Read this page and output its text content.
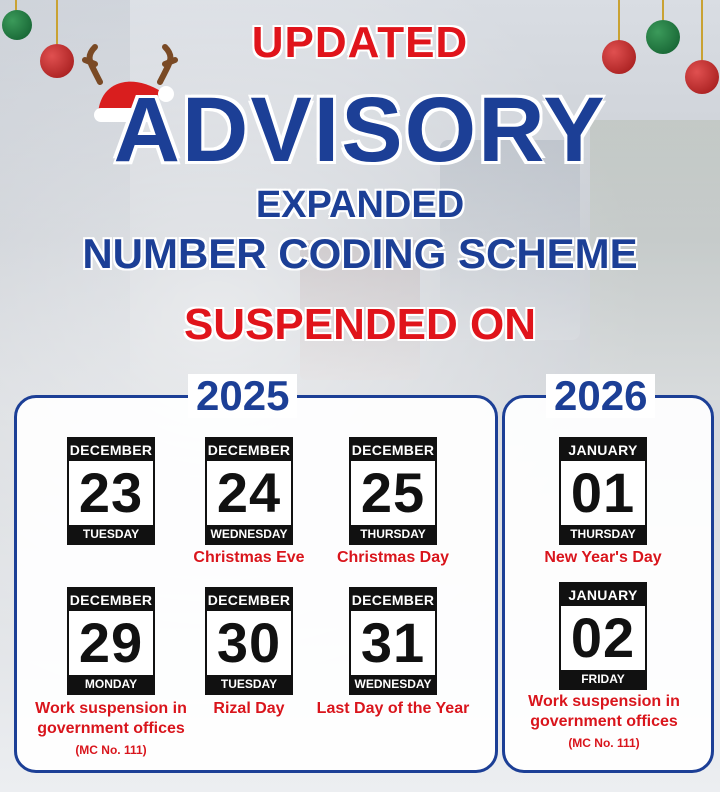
UPDATED
ADVISORY
EXPANDED
NUMBER CODING SCHEME
SUSPENDED ON
2025	2026
DECEMBER
23
TUESDAY
DECEMBER
24
WEDNESDAY
Christmas Eve
DECEMBER
25
THURSDAY
Christmas Day
DECEMBER
29
MONDAY
Work suspension in government offices
(MC No. 111)
DECEMBER
30
TUESDAY
Rizal Day
DECEMBER
31
WEDNESDAY
Last Day of the Year
JANUARY
01
THURSDAY
New Year's Day
JANUARY
02
FRIDAY
Work suspension in government offices
(MC No. 111)
